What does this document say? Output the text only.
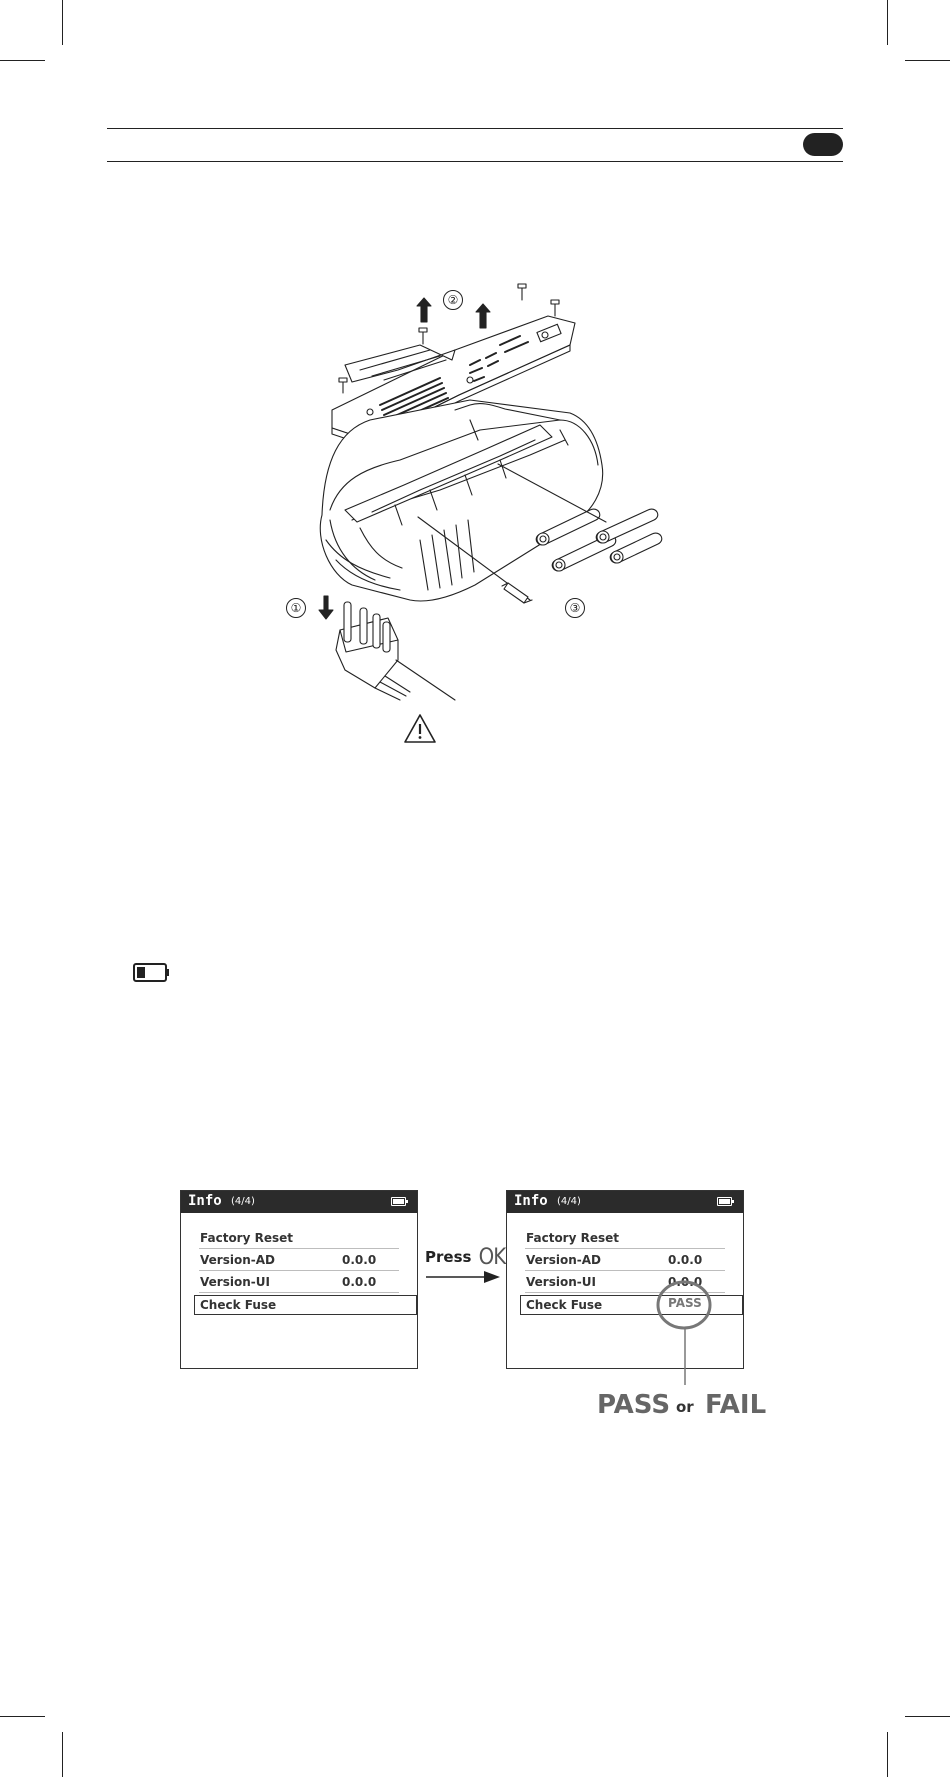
②
①	③
Info (4/4)
Factory Reset
Version-AD	0.0.0
Version-UI	0.0.0
Check Fuse
Press OK
Info (4/4)
Factory Reset
Version-AD	0.0.0
Version-UI	0.0.0
Check Fuse	PASS
PASS or FAIL
